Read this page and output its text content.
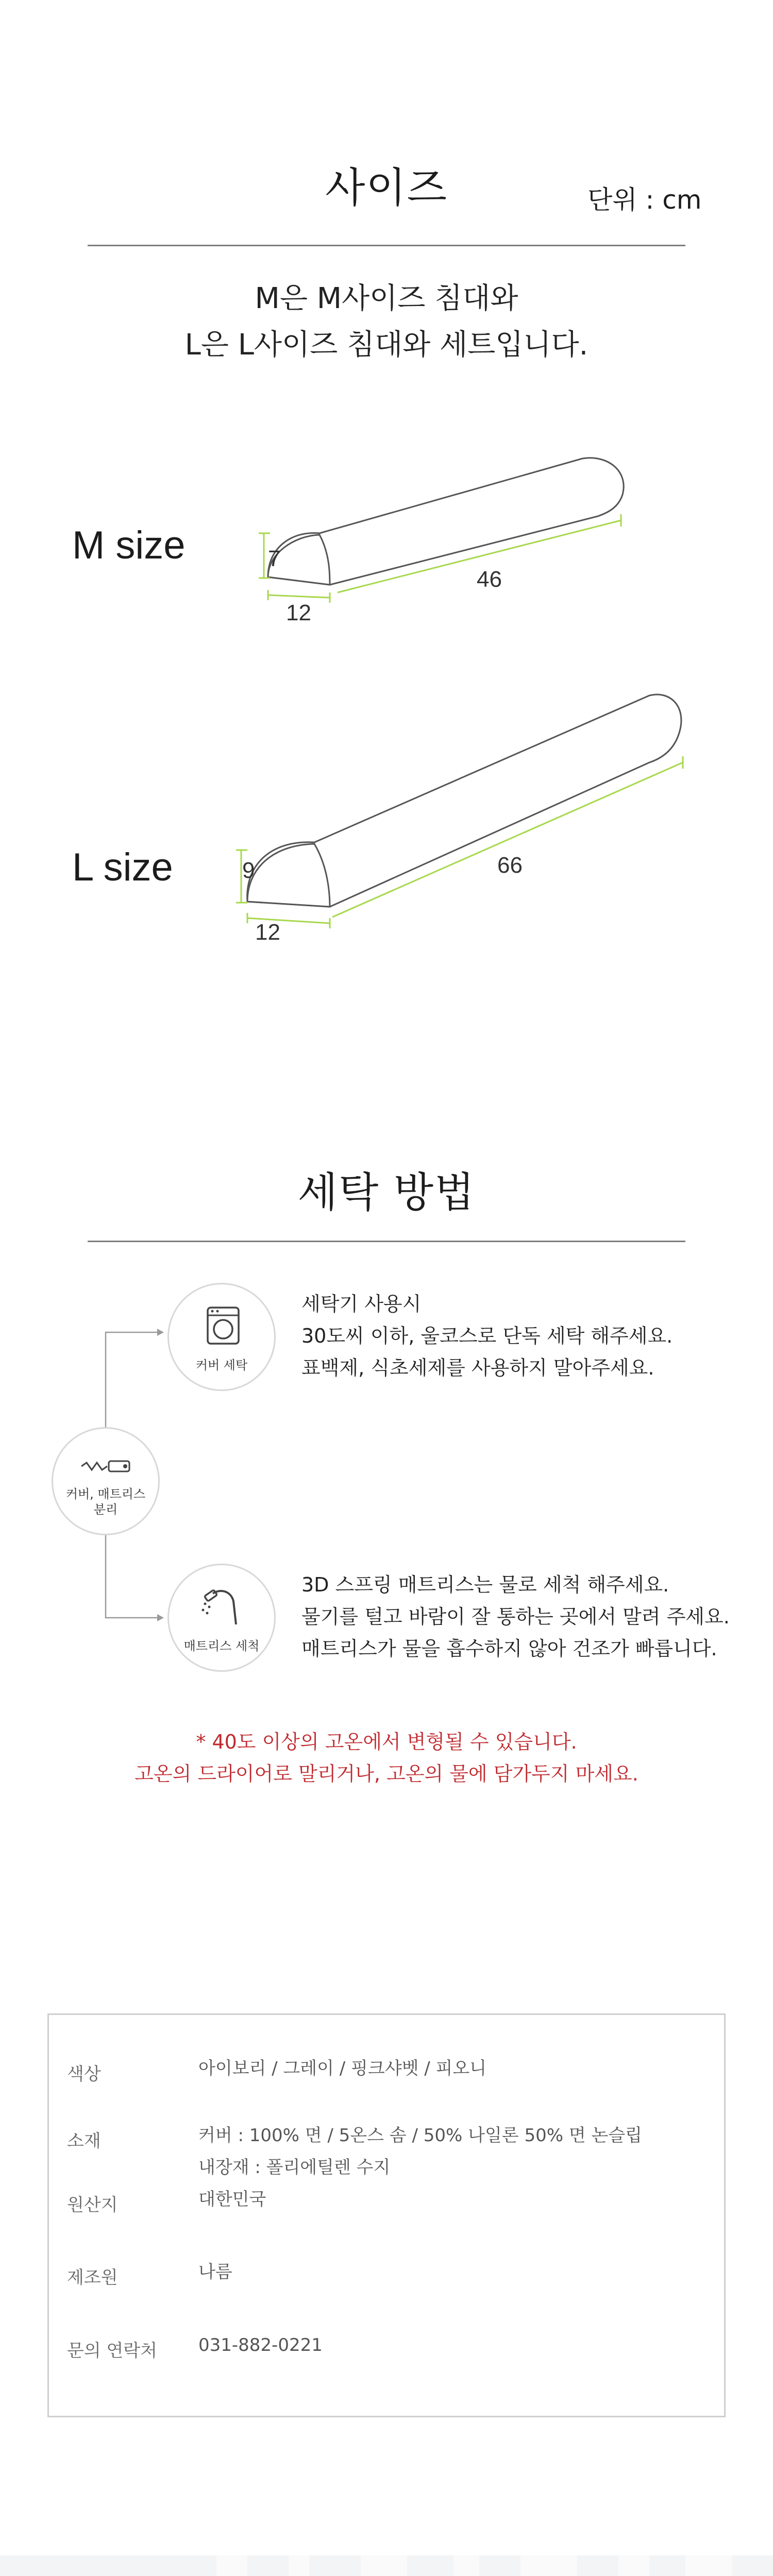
사이즈	단위 : cm
M은 M사이즈 침대와
L은 L사이즈 침대와 세트입니다.
M size	7
12
46
L size	9
12
66
세탁 방법
커버, 매트리스
분리
커버 세탁
매트리스 세척
세탁기 사용시
30도씨 이하, 울코스로 단독 세탁 해주세요.
표백제, 식초세제를 사용하지 말아주세요.
3D 스프링 매트리스는 물로 세척 해주세요.
물기를 털고 바람이 잘 통하는 곳에서 말려 주세요.
매트리스가 물을 흡수하지 않아 건조가 빠릅니다.
* 40도 이상의 고온에서 변형될 수 있습니다.
고온의 드라이어로 말리거나, 고온의 물에 담가두지 마세요.
색상	아이보리 / 그레이 / 핑크샤벳 / 피오니
소재	커버 : 100% 면 / 5온스 솜 / 50% 나일론 50% 면 논슬립
내장재 : 폴리에틸렌 수지
원산지	대한민국
제조원	나름
문의 연락처 031-882-0221
